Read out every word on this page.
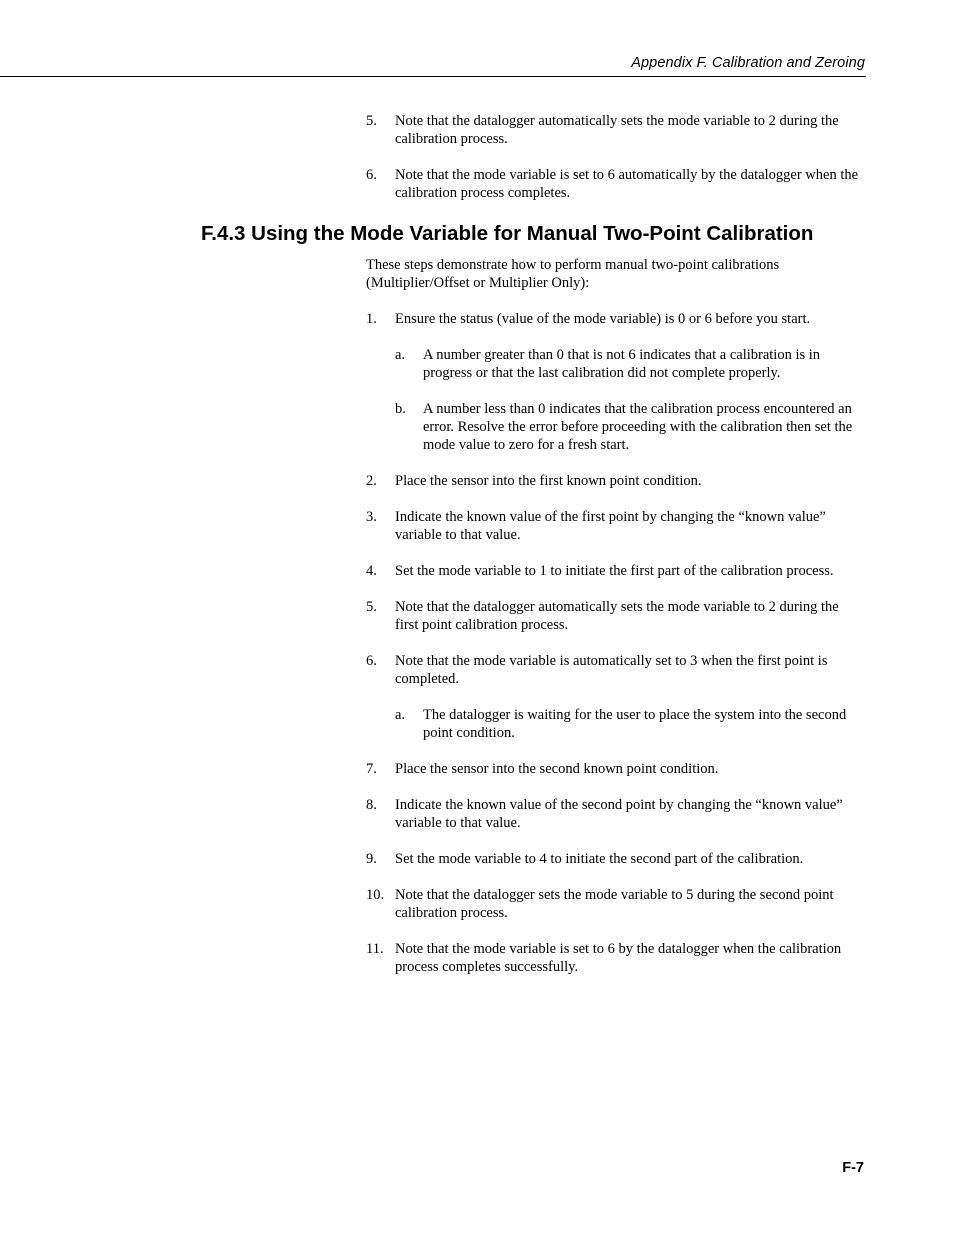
Appendix F. Calibration and Zeroing
5.	Note that the datalogger automatically sets the mode variable to 2 during the calibration process.
6.	Note that the mode variable is set to 6 automatically by the datalogger when the calibration process completes.
F.4.3 Using the Mode Variable for Manual Two-Point Calibration

These steps demonstrate how to perform manual two-point calibrations (Multiplier/Offset or Multiplier Only):

1.	Ensure the status (value of the mode variable) is 0 or 6 before you start.
a.	A number greater than 0 that is not 6 indicates that a calibration is in progress or that the last calibration did not complete properly.
b.	A number less than 0 indicates that the calibration process encountered an error. Resolve the error before proceeding with the calibration then set the mode value to zero for a fresh start.
2.	Place the sensor into the first known point condition.
3.	Indicate the known value of the first point by changing the “known value” variable to that value.
4.	Set the mode variable to 1 to initiate the first part of the calibration process.
5.	Note that the datalogger automatically sets the mode variable to 2 during the first point calibration process.
6.	Note that the mode variable is automatically set to 3 when the first point is completed.
a.	The datalogger is waiting for the user to place the system into the second point condition.
7.	Place the sensor into the second known point condition.
8.	Indicate the known value of the second point by changing the “known value” variable to that value.
9.	Set the mode variable to 4 to initiate the second part of the calibration.
10. Note that the datalogger sets the mode variable to 5 during the second point calibration process.
11. Note that the mode variable is set to 6 by the datalogger when the calibration process completes successfully.
F-7
